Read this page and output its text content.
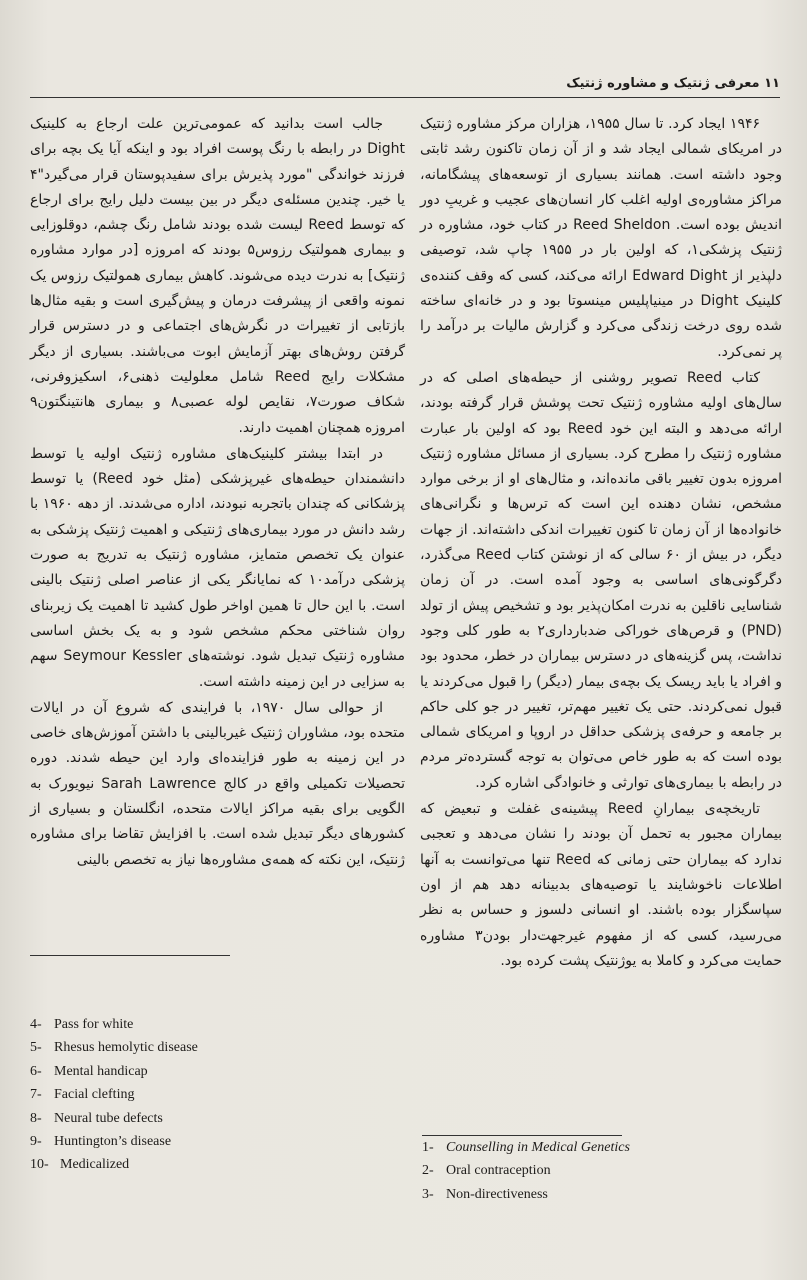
۱۱ معرفی ژنتیک و مشاوره ژنتیک

۱۹۴۶ ایجاد کرد. تا سال ۱۹۵۵، هزاران مرکز مشاوره ژنتیک در امریکای شمالی ایجاد شد و از آن زمان تاکنون رشد ثابتی وجود داشته است. همانند بسیاری از توسعه‌های پیشگامانه، مراکز مشاوره‌ی اولیه اغلب کار انسان‌های عجیب و غریبِ دور اندیش بوده است. Reed Sheldon در کتاب خود، مشاوره در ژنتیک پزشکی۱، که اولین بار در ۱۹۵۵ چاپ شد، توصیفی دلپذیر از Edward Dight ارائه می‌کند، کسی که وقف کننده‌ی کلینیک Dight در مینیاپلیس مینسوتا بود و در خانه‌ای ساخته شده روی درخت زندگی می‌کرد و گزارش مالیات بر درآمد را پر نمی‌کرد.

کتاب Reed تصویر روشنی از حیطه‌های اصلی که در سال‌های اولیه مشاوره ژنتیک تحت پوشش قرار گرفته بودند، ارائه می‌دهد و البته این خود Reed بود که اولین بار عبارت مشاوره ژنتیک را مطرح کرد. بسیاری از مسائل مشاوره ژنتیک امروزه بدون تغییر باقی مانده‌اند، و مثال‌های او از برخی موارد مشخص، نشان دهنده این است که ترس‌ها و نگرانی‌های خانواده‌ها از آن زمان تا کنون تغییرات اندکی داشته‌اند. از جهات دیگر، در بیش از ۶۰ سالی که از نوشتن کتاب Reed می‌گذرد، دگرگونی‌های اساسی به وجود آمده است. در آن زمان شناسایی ناقلین به ندرت امکان‌پذیر بود و تشخیص پیش از تولد (PND) و قرص‌های خوراکی ضدبارداری۲ به طور کلی وجود نداشت، پس گزینه‌های در دسترس بیماران در خطر، محدود بود و افراد یا باید ریسک یک بچه‌ی بیمار (دیگر) را قبول می‌کردند یا قبول نمی‌کردند. حتی یک تغییر مهم‌تر، تغییر در جو کلی حاکم بر جامعه و حرفه‌ی پزشکی حداقل در اروپا و امریکای شمالی بوده است که به طور خاص می‌توان به توجه گسترده‌تر مردم در رابطه با بیماری‌های توارثی و خانوادگی اشاره کرد.

تاریخچه‌ی بیمارانِ Reed پیشینه‌ی غفلت و تبعیض که بیماران مجبور به تحمل آن بودند را نشان می‌دهد و تعجبی ندارد که بیماران حتی زمانی که Reed تنها می‌توانست به آنها اطلاعات ناخوشایند یا توصیه‌های بدبینانه دهد هم از اون سپاسگزار بوده باشند. او انسانی دلسوز و حساس به نظر می‌رسید، کسی که از مفهوم غیرجهت‌دار بودن۳ مشاوره حمایت می‌کرد و کاملا به یوژنتیک پشت کرده بود.

جالب است بدانید که عمومی‌ترین علت ارجاع به کلینیک Dight در رابطه با رنگ پوست افراد بود و اینکه آیا یک بچه برای فرزند خواندگی "مورد پذیرش برای سفیدپوستان قرار می‌گیرد"۴ یا خیر. چندین مسئله‌ی دیگر در بین بیست دلیل رایج برای ارجاع که توسط Reed لیست شده بودند شامل رنگ چشم، دوقلوزایی و بیماری همولتیک رزوس۵ بودند که امروزه [در موارد مشاوره ژنتیک] به ندرت دیده می‌شوند. کاهش بیماری همولتیک رزوس یک نمونه واقعی از پیشرفت درمان و پیش‌گیری است و بقیه مثال‌ها بازتابی از تغییرات در نگرش‌های اجتماعی و در دسترس قرار گرفتن روش‌های بهتر آزمایش ابوت می‌باشند. بسیاری از دیگر مشکلات رایج Reed شامل معلولیت ذهنی۶، اسکیزوفرنی، شکاف صورت۷، نقایص لوله عصبی۸ و بیماری هانتینگتون۹ امروزه همچنان اهمیت دارند.

در ابتدا بیشتر کلینیک‌های مشاوره ژنتیک اولیه یا توسط دانشمندان حیطه‌های غیرپزشکی (مثل خود Reed) یا توسط پزشکانی که چندان باتجربه نبودند، اداره می‌شدند. از دهه ۱۹۶۰ با رشد دانش در مورد بیماری‌های ژنتیکی و اهمیت ژنتیک پزشکی به عنوان یک تخصص متمایز، مشاوره ژنتیک به تدریج به صورت پزشکی درآمد۱۰ که نمایانگر یکی از عناصر اصلی ژنتیک بالینی است. با این حال تا همین اواخر طول کشید تا اهمیت یک زیربنای روان شناختی محکم مشخص شود و به یک بخش اساسی مشاوره ژنتیک تبدیل شود. نوشته‌های Seymour Kessler سهم به سزایی در این زمینه داشته است.

از حوالی سال ۱۹۷۰، با فرایندی که شروع آن در ایالات متحده بود، مشاوران ژنتیک غیربالینی با داشتن آموزش‌های خاصی در این زمینه به طور فزاینده‌ای وارد این حیطه شدند. دوره تحصیلات تکمیلی واقع در کالج Sarah Lawrence نیویورک به الگویی برای بقیه مراکز ایالات متحده، انگلستان و بسیاری از کشورهای دیگر تبدیل شده است. با افزایش تقاضا برای مشاوره ژنتیک، این نکته که همه‌ی مشاوره‌ها نیاز به تخصص بالینی

4- Pass for white
5- Rhesus hemolytic disease
6- Mental handicap
7- Facial clefting
8- Neural tube defects
9- Huntington’s disease
10- Medicalized
1- Counselling in Medical Genetics
2- Oral contraception
3- Non-directiveness
